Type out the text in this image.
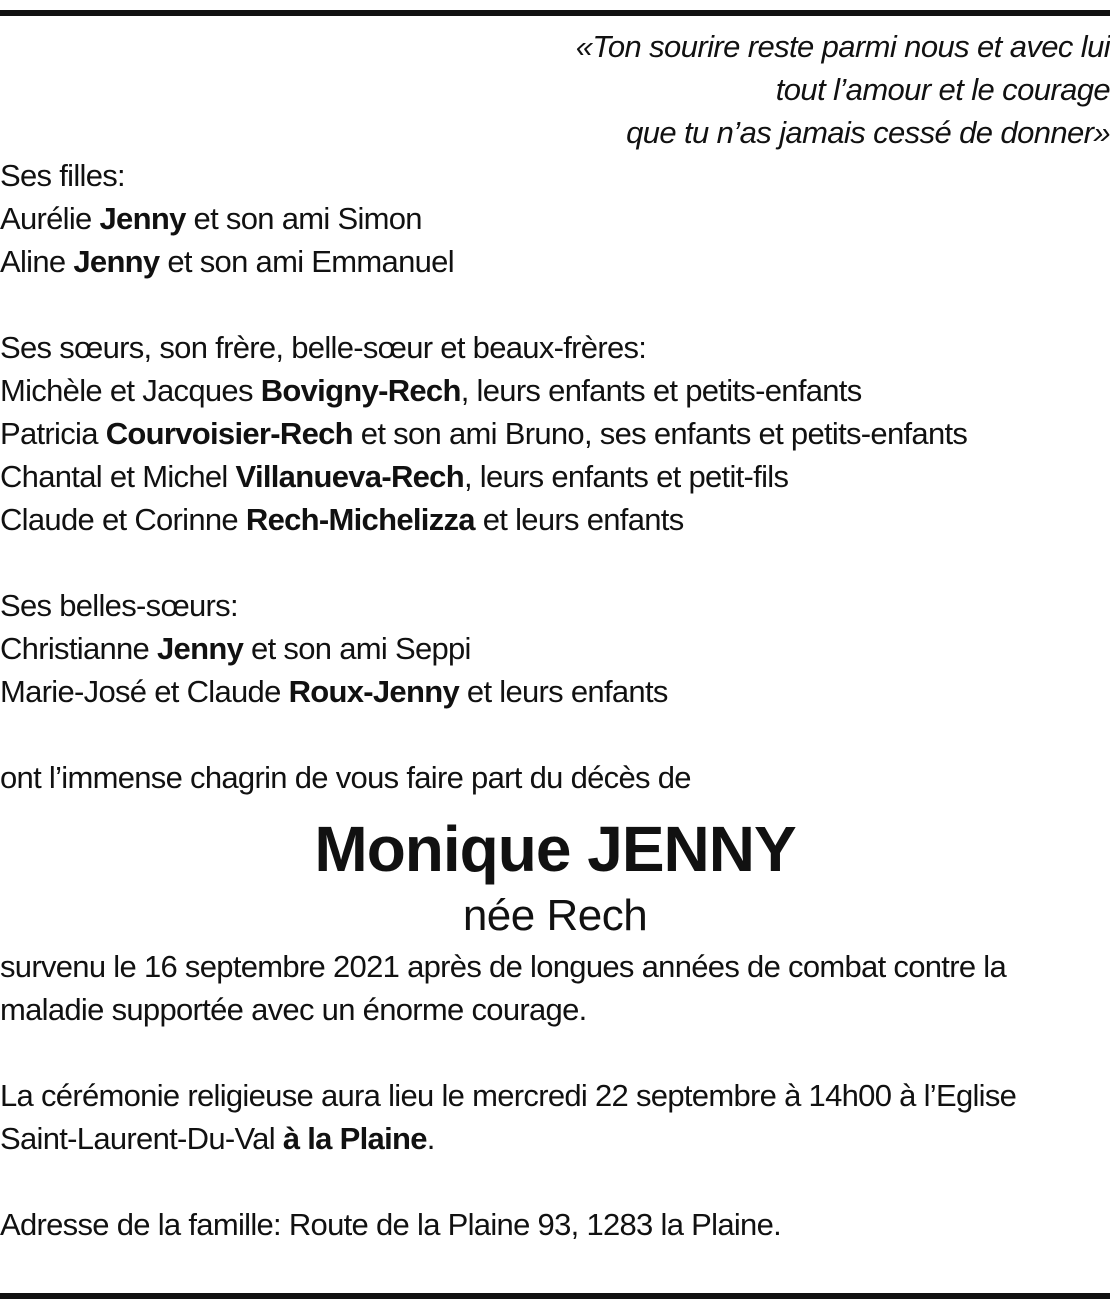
«Ton sourire reste parmi nous et avec lui
tout l’amour et le courage
que tu n’as jamais cessé de donner»
Ses filles:
Aurélie Jenny et son ami Simon
Aline Jenny et son ami Emmanuel
Ses sœurs, son frère, belle-sœur et beaux-frères:
Michèle et Jacques Bovigny-Rech, leurs enfants et petits-enfants
Patricia Courvoisier-Rech et son ami Bruno, ses enfants et petits-enfants
Chantal et Michel Villanueva-Rech, leurs enfants et petit-fils
Claude et Corinne Rech-Michelizza et leurs enfants
Ses belles-sœurs:
Christianne Jenny et son ami Seppi
Marie-José et Claude Roux-Jenny et leurs enfants
ont l’immense chagrin de vous faire part du décès de
Monique JENNY
née Rech
survenu le 16 septembre 2021 après de longues années de combat contre la
maladie supportée avec un énorme courage.
La cérémonie religieuse aura lieu le mercredi 22 septembre à 14h00 à l’Eglise
Saint-Laurent-Du-Val à la Plaine.
Adresse de la famille: Route de la Plaine 93, 1283 la Plaine.
